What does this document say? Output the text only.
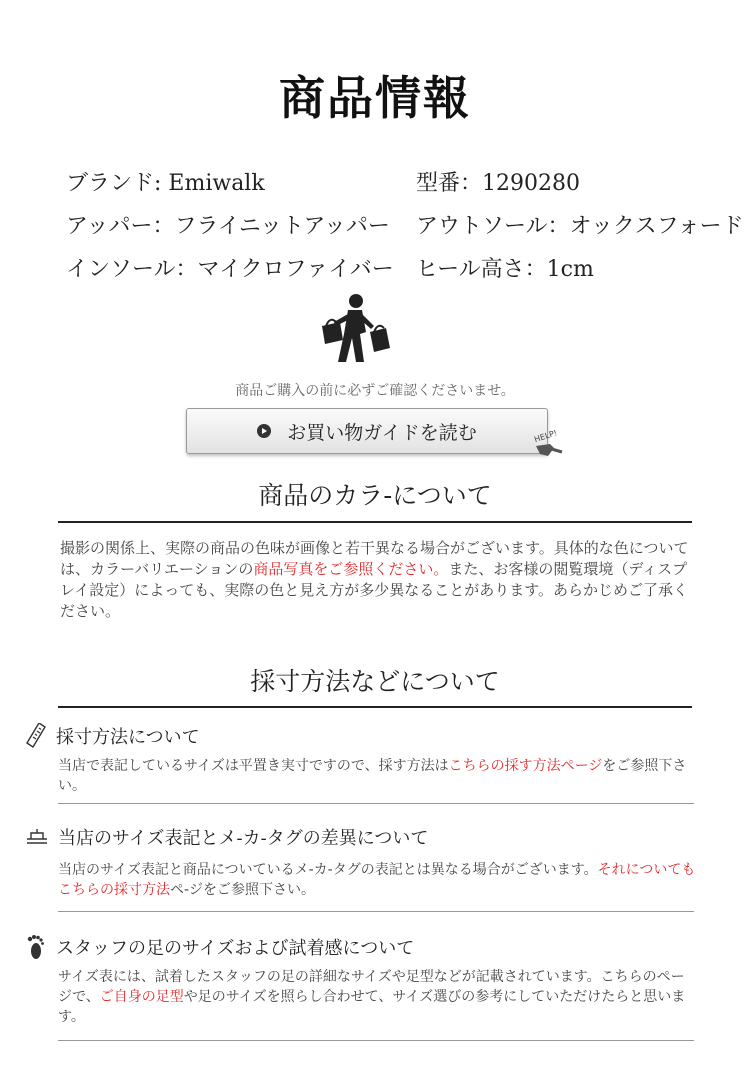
商品情報
ブランド: Emiwalk	型番：1290280
アッパー：フライニットアッパー アウトソール：オックスフォード
インソール：マイクロファイバー ヒール高さ：1cm
商品ご購入の前に必ずご確認くださいませ。
お買い物ガイドを読む	HELP!
商品のカラ-について

撮影の関係上、実際の商品の色味が画像と若干異なる場合がございます。具体的な色については、カラーバリエーションの商品写真をご参照ください。また、お客様の閲覧環境（ディスプレイ設定）によっても、実際の色と見え方が多少異なることがあります。あらかじめご了承ください。

採寸方法などについて
採寸方法について

当店で表記しているサイズは平置き実寸ですので、採す方法はこちらの採す方法ページをご参照下さい。

当店のサイズ表記とメ-カ-タグの差異について

当店のサイズ表記と商品についているメ-カ-タグの表記とは異なる場合がございます。それについてもこちらの採寸方法ペ-ジをご参照下さい。

スタッフの足のサイズおよび試着感について

サイズ表には、試着したスタッフの足の詳細なサイズや足型などが記載されています。こちらのページで、ご自身の足型や足のサイズを照らし合わせて、サイズ選びの参考にしていただけたらと思います。
